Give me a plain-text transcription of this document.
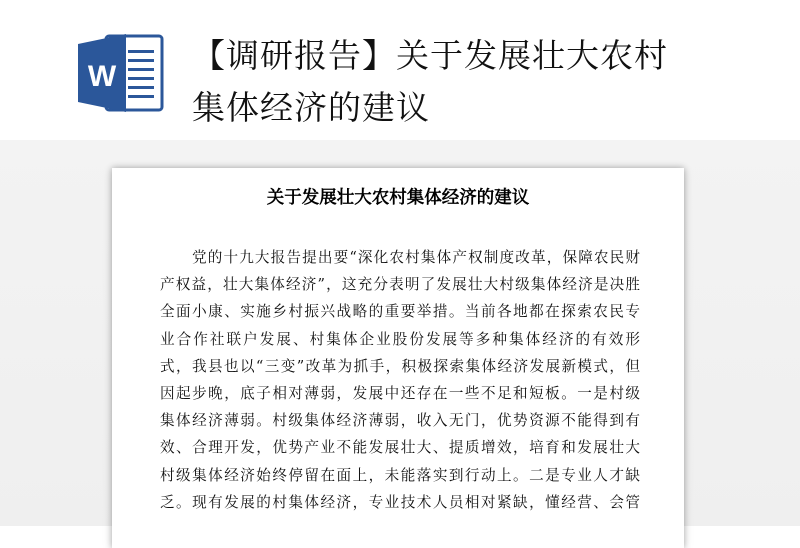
W
【调研报告】关于发展壮大农村
集体经济的建议
关于发展壮大农村集体经济的建议
党的十九大报告提出要“深化农村集体产权制度改革，保障农民财
产权益，壮大集体经济”，这充分表明了发展壮大村级集体经济是决胜
全面小康、实施乡村振兴战略的重要举措。当前各地都在探索农民专
业合作社联户发展、村集体企业股份发展等多种集体经济的有效形
式，我县也以“三变”改革为抓手，积极探索集体经济发展新模式，但
因起步晚，底子相对薄弱，发展中还存在一些不足和短板。一是村级
集体经济薄弱。村级集体经济薄弱，收入无门，优势资源不能得到有
效、合理开发，优势产业不能发展壮大、提质增效，培育和发展壮大
村级集体经济始终停留在面上，未能落实到行动上。二是专业人才缺
乏。现有发展的村集体经济，专业技术人员相对紧缺，懂经营、会管
